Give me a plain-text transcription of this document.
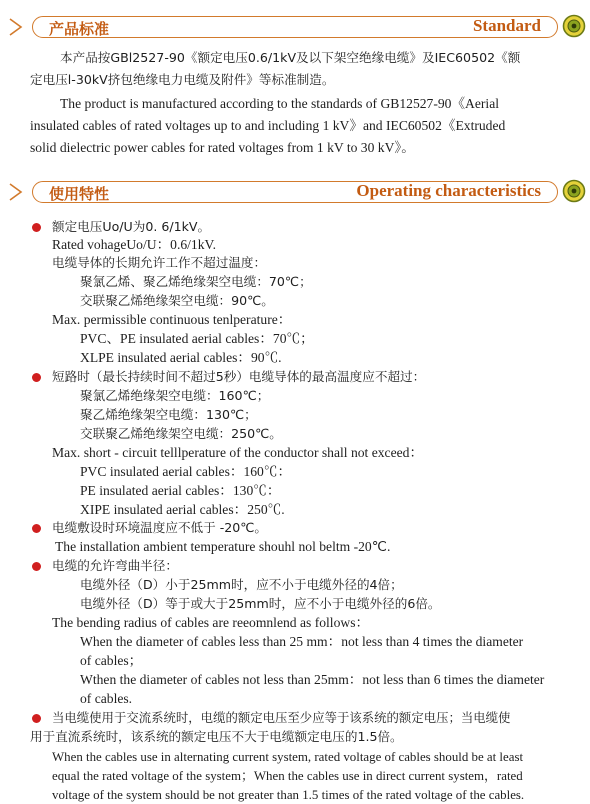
产品标准	Standard
本产品按GBl2527-90《额定电压0.6/1kV及以下架空绝缘电缆》及IEC60502《额
定电压l-30kV挤包绝缘电力电缆及附件》等标准制造。
The product is manufactured according to the standards of GB12527-90《Aerial
insulated cables of rated voltages up to and including 1 kV》and IEC60502《Extruded
solid dielectric power cables for rated voltages from 1 kV to 30 kV》。
使用特性	Operating characteristics
额定电压Uo/U为0. 6/1kV。
Rated vohageUo/U：0.6/1kV.
电缆导体的长期允许工作不超过温度：
聚氯乙烯、聚乙烯绝缘架空电缆：70℃；
交联聚乙烯绝缘架空电缆：90℃。
Max. permissible continuous tenlperature：
PVC、PE insulated aerial cables：70℃；
XLPE insulated aerial cables：90℃.
短路时（最长持续时间不超过5秒）电缆导体的最高温度应不超过：
聚氯乙烯绝缘架空电缆：160℃；
聚乙烯绝缘架空电缆：130℃；
交联聚乙烯绝缘架空电缆：250℃。
Max. short - circuit telllperature of the conductor shall not exceed：
PVC insulated aerial cables：160℃：
PE insulated aerial cables：130℃：
XIPE insulated aerial cables：250℃.
电缆敷设时环境温度应不低于 -20℃。
The installation ambient temperature shouhl nol beltm -20℃.
电缆的允许弯曲半径：
电缆外径（D）小于25mm时，应不小于电缆外径的4倍；
电缆外径（D）等于或大于25mm时，应不小于电缆外径的6倍。
The bending radius of cables are reeomnlend as follows：
When the diameter of cables less than 25 mm：not less than 4 times the diameter
of cables；
Wthen the diameter of cables not less than 25mm：not less than 6 times the diameter
of cables.
当电缆使用于交流系统时，电缆的额定电压至少应等于该系统的额定电压；当电缆使
用于直流系统时，该系统的额定电压不大于电缆额定电压的1.5倍。
When the cables use in alternating current system, rated voltage of cables should be at least
equal the rated voltage of the system；When the cables use in direct current system，rated
voltage of the system should be not greater than 1.5 times of the rated voltage of the cables.
